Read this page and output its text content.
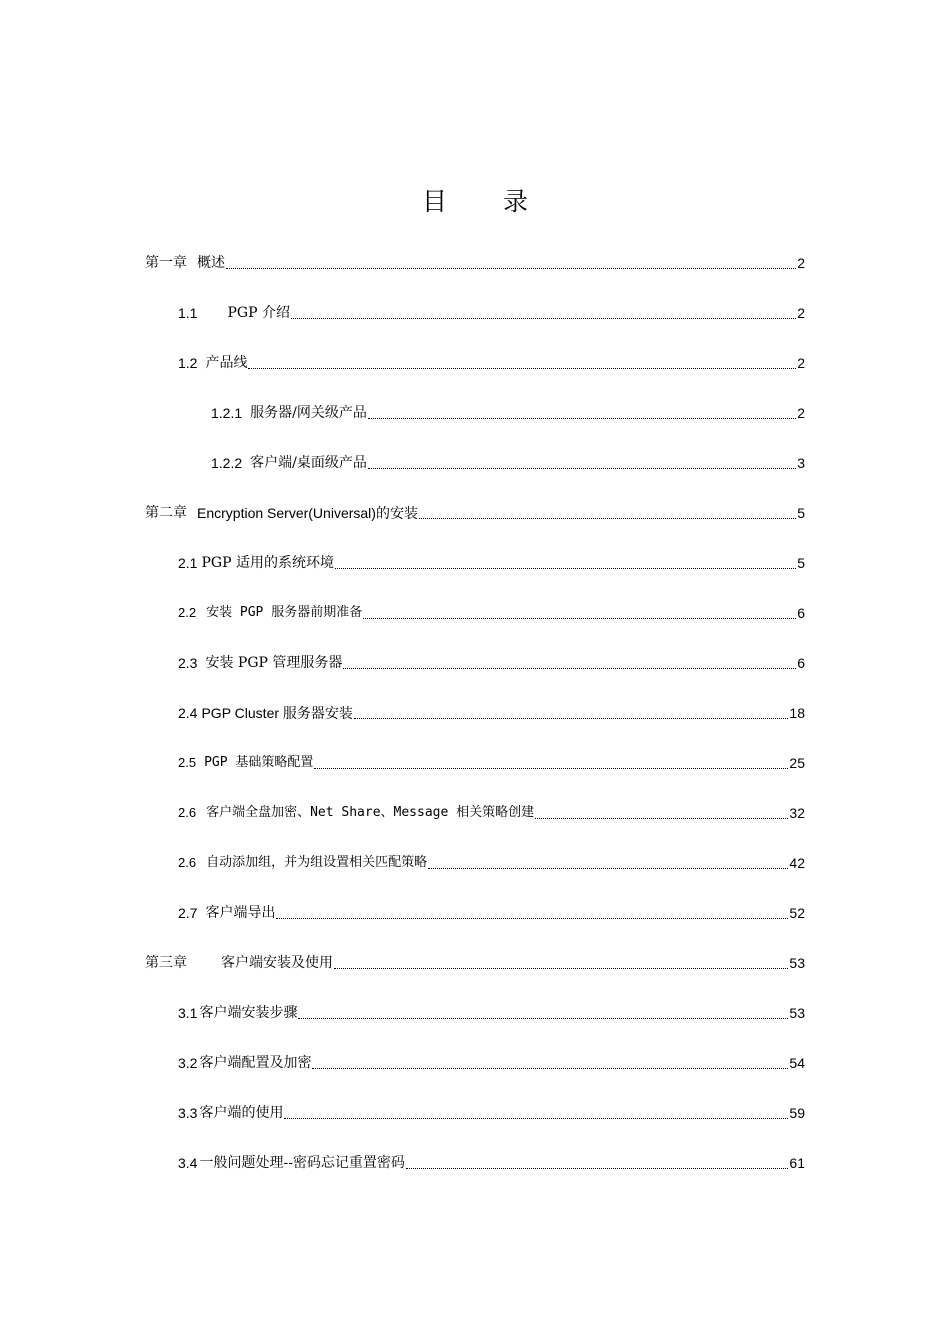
目 录
第一章 概述	2
1.1 PGP 介绍	2
1.2 产品线	2
1.2.1 服务器/网关级产品	2
1.2.2 客户端/桌面级产品	3
第二章 Encryption Server(Universal)的安装	5
2.1 PGP 适用的系统环境	5
2.2 安装 PGP 服务器前期准备	6
2.3 安装 PGP 管理服务器	6
2.4 PGP Cluster 服务器安装	18
2.5 PGP 基础策略配置	25
2.6 客户端全盘加密、Net Share、Message 相关策略创建	32
2.6 自动添加组，并为组设置相关匹配策略	42
2.7 客户端导出	52
第三章 客户端安装及使用	53
3.1 客户端安装步骤	53
3.2 客户端配置及加密	54
3.3 客户端的使用	59
3.4 一般问题处理--密码忘记重置密码	61
